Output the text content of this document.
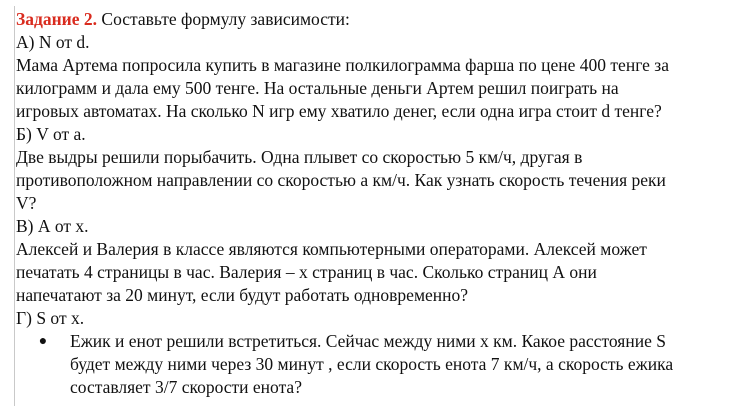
Задание 2. Составьте формулу зависимости:
А) N от d.
Мама Артема попросила купить в магазине полкилограмма фарша по цене 400 тенге за
килограмм и дала ему 500 тенге. На остальные деньги Артем решил поиграть на
игровых автоматах. На сколько N игр ему хватило денег, если одна игра стоит d тенге?
Б) V от a.
Две выдры решили порыбачить. Одна плывет со скоростью 5 км/ч, другая в
противоположном направлении со скоростью a км/ч. Как узнать скорость течения реки
V?
В) А от х.
Алексей и Валерия в классе являются компьютерными операторами. Алексей может
печатать 4 страницы в час. Валерия – х страниц в час. Сколько страниц А они
напечатают за 20 минут, если будут работать одновременно?
Г) S от х.
● Ежик и енот решили встретиться. Сейчас между ними х км. Какое расстояние S
будет между ними через 30 минут , если скорость енота 7 км/ч, а скорость ежика
составляет 3/7 скорости енота?
